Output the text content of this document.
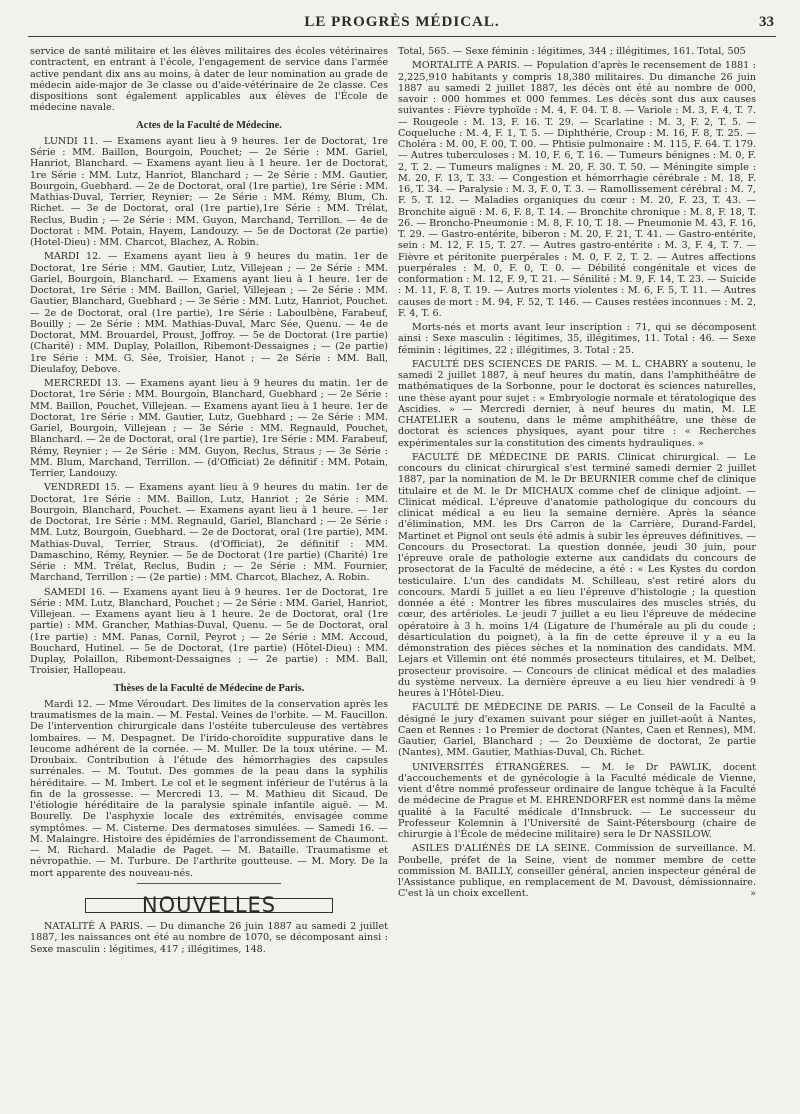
LE PROGRÈS MÉDICAL.	33

service de santé militaire et les élèves militaires des écoles vétérinaires contractent, en entrant à l'école, l'engagement de service dans l'armée active pendant dix ans au moins, à dater de leur nomination au grade de médecin aide-major de 3e classe ou d'aide-vétérinaire de 2e classe. Ces dispositions sont également applicables aux élèves de l'École de médecine navale.

Actes de la Faculté de Médecine.

LUNDI 11. — Examens ayant lieu à 9 heures. 1er de Doctorat, 1re Série : MM. Baillon, Bourgoin, Pouchet; — 2e Série : MM. Gariel, Hanriot, Blanchard. — Examens ayant lieu à 1 heure. 1er de Doctorat, 1re Série : MM. Lutz, Hanriot, Blanchard ; — 2e Série : MM. Gautier, Bourgoin, Guebhard. — 2e de Doctorat, oral (1re partie), 1re Série : MM. Mathias-Duval, Terrier, Reynier; — 2e Série : MM. Rémy, Blum, Ch. Richet. — 3e de Doctorat, oral (1re partie),1re Série : MM. Trélat, Reclus, Budin ; — 2e Série : MM. Guyon, Marchand, Terrillon. — 4e de Doctorat : MM. Potain, Hayem, Landouzy. — 5e de Doctorat (2e partie) (Hotel-Dieu) : MM. Charcot, Blachez, A. Robin.

MARDI 12. — Examens ayant lieu à 9 heures du matin. 1er de Doctorat, 1re Série : MM. Gautier, Lutz, Villejean ; — 2e Série : MM. Gariel, Bourgoin, Blanchard. — Examens ayant lieu à 1 heure. 1er de Doctorat, 1re Série : MM. Baillon, Gariel, Villejean ; — 2e Série : MM. Gautier, Blanchard, Guebhard ; — 3e Série : MM. Lutz, Hanriot, Pouchet. — 2e de Doctorat, oral (1re partie), 1re Série : Laboulbène, Farabeuf, Bouilly ; — 2e Série : MM. Mathias-Duval, Marc Sée, Quenu. — 4e de Doctorat, MM. Brouardel, Proust, Joffroy. — 5e de Doctorat (1re partie) (Charité) : MM. Duplay, Polaillon, Ribemont-Dessaignes ; — (2e partie) 1re Série : MM. G. Sée, Troisier, Hanot ; — 2e Série : MM. Ball, Dieulafoy, Debove.

MERCREDI 13. — Examens ayant lieu à 9 heures du matin. 1er de Doctorat, 1re Série : MM. Bourgoin, Blanchard, Guebhard ; — 2e Série : MM. Baillon, Pouchet, Villejean. — Examens ayant lieu à 1 heure. 1er de Doctorat, 1re Série : MM. Gautier, Lutz, Guebhard ; — 2e Série : MM. Gariel, Bourgoin, Villejean ; — 3e Série : MM. Regnauld, Pouchet, Blanchard. — 2e de Doctorat, oral (1re partie), 1re Série : MM. Farabeuf, Rémy, Reynier ; — 2e Série : MM. Guyon, Reclus, Straus ; — 3e Série : MM. Blum, Marchand, Terrillon. — (d'Officiat) 2e définitif : MM. Potain, Terrier, Landouzy.

VENDREDI 15. — Examens ayant lieu à 9 heures du matin. 1er de Doctorat, 1re Série : MM. Baillon, Lutz, Hanriot ; 2e Série : MM. Bourgoin, Blanchard, Pouchet. — Examens ayant lieu à 1 heure. — 1er de Doctorat, 1re Série : MM. Regnauld, Gariel, Blanchard ; — 2e Série : MM. Lutz, Bourgoin, Guebhard. — 2e de Doctorat, oral (1re partie), MM. Mathias-Duval, Terrier, Straus. (d'Officiat), 2e définitif : MM. Damaschino, Rémy, Reynier. — 5e de Doctorat (1re partie) (Charité) 1re Série : MM. Trélat, Reclus, Budin ; — 2e Série : MM. Fournier, Marchand, Terrillon ; — (2e partie) : MM. Charcot, Blachez, A. Robin.

SAMEDI 16. — Examens ayant lieu à 9 heures. 1er de Doctorat, 1re Série : MM. Lutz, Blanchard, Pouchet ; — 2e Série : MM. Gariel, Hanriot, Villejean. — Examens ayant lieu à 1 heure. 2e de Doctorat, oral (1re partie) : MM. Grancher, Mathias-Duval, Quenu. — 5e de Doctorat, oral (1re partie) : MM. Panas, Cornil, Peyrot ; — 2e Série : MM. Accoud, Bouchard, Hutinel. — 5e de Doctorat, (1re partie) (Hôtel-Dieu) : MM. Duplay, Polaillon, Ribemont-Dessaignes ; — 2e partie) : MM. Ball, Troisier, Hallopeau.

Thèses de la Faculté de Médecine de Paris.

Mardi 12. — Mme Véroudart. Des limites de la conservation après les traumatismes de la main. — M. Festal. Veines de l'orbite. — M. Faucillon. De l'intervention chirurgicale dans l'ostéite tuberculeuse des vertèbres lombaires. — M. Despagnet. De l'irido-choroïdite suppurative dans le leucome adhérent de la cornée. — M. Muller. De la toux utérine. — M. Droubaix. Contribution à l'étude des hémorrhagies des capsules surrénales. — M. Toutut. Des gommes de la peau dans la syphilis héréditaire. — M. Imbert. Le col et le segment inférieur de l'utérus à la fin de la grossesse. — Mercredi 13. — M. Mathieu dit Sicaud. De l'étiologie héréditaire de la paralysie spinale infantile aiguë. — M. Bourelly. De l'asphyxie locale des extrémités, envisagée comme symptômes. — M. Cisterne. Des dermatoses simulées. — Samedi 16. — M. Malaingre. Histoire des épidémies de l'arrondissement de Chaumont. — M. Richard. Maladie de Paget. — M. Bataille. Traumatisme et névropathie. — M. Turbure. De l'arthrite goutteuse. — M. Mory. De la mort apparente des nouveau-nés.

NOUVELLES

NATALITÉ A PARIS. — Du dimanche 26 juin 1887 au samedi 2 juillet 1887, les naissances ont été au nombre de 1070, se décomposant ainsi : Sexe masculin : légitimes, 417 ; illégitimes, 148.

Total, 565. — Sexe féminin : légitimes, 344 ; illégitimes, 161. Total, 505

MORTALITÉ A PARIS. — Population d'après le recensement de 1881 : 2,225,910 habitants y compris 18,380 militaires. Du dimanche 26 juin 1887 au samedi 2 juillet 1887, les décès ont été au nombre de 000, savoir : 000 hommes et 000 femmes. Les décès sont dus aux causes suivantes : Fièvre typhoïde : M. 4, F. 04. T. 8. — Variole : M. 3, F. 4, T. 7. — Rougeole : M. 13, F. 16. T. 29. — Scarlatine : M. 3, F. 2, T. 5. — Coqueluche : M. 4, F. 1, T. 5. — Diphthérie, Croup : M. 16, F. 8, T. 25. — Choléra : M. 00, F. 00, T. 00. — Phtisie pulmonaire : M. 115, F. 64. T. 179. — Autres tuberculoses : M. 10, F. 6, T. 16. — Tumeurs bénignes : M. 0, F. 2, T. 2. — Tumeurs malignes : M. 20, F. 30. T. 50. — Méningite simple : M. 20, F. 13, T. 33. — Congestion et hémorrhagie cérébrale : M. 18, F. 16, T. 34. — Paralysie : M. 3, F. 0, T. 3. — Ramollissement cérébral : M. 7, F. 5. T. 12. — Maladies organiques du cœur : M. 20, F. 23, T. 43. — Bronchite aiguë : M. 6, F. 8, T. 14. — Bronchite chronique : M. 8, F. 18, T. 26. — Broncho-Pneumonie : M. 8, F. 10, T. 18. — Pneumonie M. 43, F. 16, T. 29. — Gastro-entérite, biberon : M. 20, F. 21, T. 41. — Gastro-entérite, sein : M. 12, F. 15, T. 27. — Autres gastro-entérite : M. 3, F. 4, T. 7. — Fièvre et péritonite puerpérales : M. 0, F. 2, T. 2. — Autres affections puerpérales : M. 0, F. 0, T. 0. — Débilité congénitale et vices de conformation : M. 12, F. 9, T. 21. — Sénilité : M. 9, F. 14, T. 23. — Suicide : M. 11, F. 8, T. 19. — Autres morts violentes : M. 6, F. 5, T. 11. — Autres causes de mort : M. 94, F. 52, T. 146. — Causes restées inconnues : M. 2, F. 4, T. 6.

Morts-nés et morts avant leur inscription : 71, qui se décomposent ainsi : Sexe masculin : légitimes, 35, illégitimes, 11. Total : 46. — Sexe féminin : légitimes, 22 ; illégitimes, 3. Total : 25.

FACULTÉ DES SCIENCES DE PARIS. — M. L. CHABRY a soutenu, le samedi 2 juillet 1887, à neuf heures du matin, dans l'amphithéâtre de mathématiques de la Sorbonne, pour le doctorat ès sciences naturelles, une thèse ayant pour sujet : « Embryologie normale et tératologique des Ascidies. » — Mercredi dernier, à neuf heures du matin, M. LE CHATELIER a soutenu, dans le même amphithéâtre, une thèse de doctorat ès sciences physiques, ayant pour titre : « Recherches expérimentales sur la constitution des ciments hydrauliques. »

FACULTÉ DE MÉDECINE DE PARIS. Clinicat chirurgical. — Le concours du clinicat chirurgical s'est terminé samedi dernier 2 juillet 1887, par la nomination de M. le Dr BEURNIER comme chef de clinique titulaire et de M. le Dr MICHAUX comme chef de clinique adjoint. — Clinicat médical. L'épreuve d'anatomie pathologique du concours du clinicat médical a eu lieu la semaine dernière. Après la séance d'élimination, MM. les Drs Carron de la Carrière, Durand-Fardel, Martinet et Pignol ont seuls été admis à subir les épreuves définitives. — Concours du Prosectorat. La question donnée, jeudi 30 juin, pour l'épreuve orale de pathologie externe aux candidats du concours de prosectorat de la Faculté de médecine, a été : « Les Kystes du cordon testiculaire. L'un des candidats M. Schilleau, s'est retiré alors du concours. Mardi 5 juillet a eu lieu l'épreuve d'histologie ; la question donnée a été : Montrer les fibres musculaires des muscles striés, du cœur, des artérioles. Le jeudi 7 juillet a eu lieu l'épreuve de médecine opératoire à 3 h. moins 1/4 (Ligature de l'humérale au pli du coude ; désarticulation du poignet), à la fin de cette épreuve il y a eu la démonstration des pièces sèches et la nomination des candidats. MM. Lejars et Villemin ont été nommés prosecteurs titulaires, et M. Delbet, prosecteur provisoire. — Concours de clinicat médical et des maladies du système nerveux. La dernière épreuve a eu lieu hier vendredi à 9 heures à l'Hôtel-Dieu.

FACULTÉ DE MÉDECINE DE PARIS. — Le Conseil de la Faculté a désigné le jury d'examen suivant pour siéger en juillet-août à Nantes, Caen et Rennes : 1o Premier de doctorat (Nantes, Caen et Rennes), MM. Gautier, Gariel, Blanchard ; — 2o Deuxième de doctorat, 2e partie (Nantes), MM. Gautier, Mathias-Duval, Ch. Richet.

UNIVERSITÉS ÉTRANGÈRES. — M. le Dr PAWLIK, docent d'accouchements et de gynécologie à la Faculté médicale de Vienne, vient d'être nommé professeur ordinaire de langue tchèque à la Faculté de médecine de Prague et M. EHRENDORFER est nommé dans la même qualité à la Faculté médicale d'Innsbruck. — Le successeur du Professeur Kolemnin à l'Université de Saint-Pétersbourg (chaire de chirurgie à l'École de médecine militaire) sera le Dr NASSILOW.

ASILES D'ALIÉNÉS DE LA SEINE. Commission de surveillance. M. Poubelle, préfet de la Seine, vient de nommer membre de cette commission M. BAILLY, conseiller général, ancien inspecteur général de l'Assistance publique, en remplacement de M. Davoust, démissionnaire. C'est là un choix excellent.	»
